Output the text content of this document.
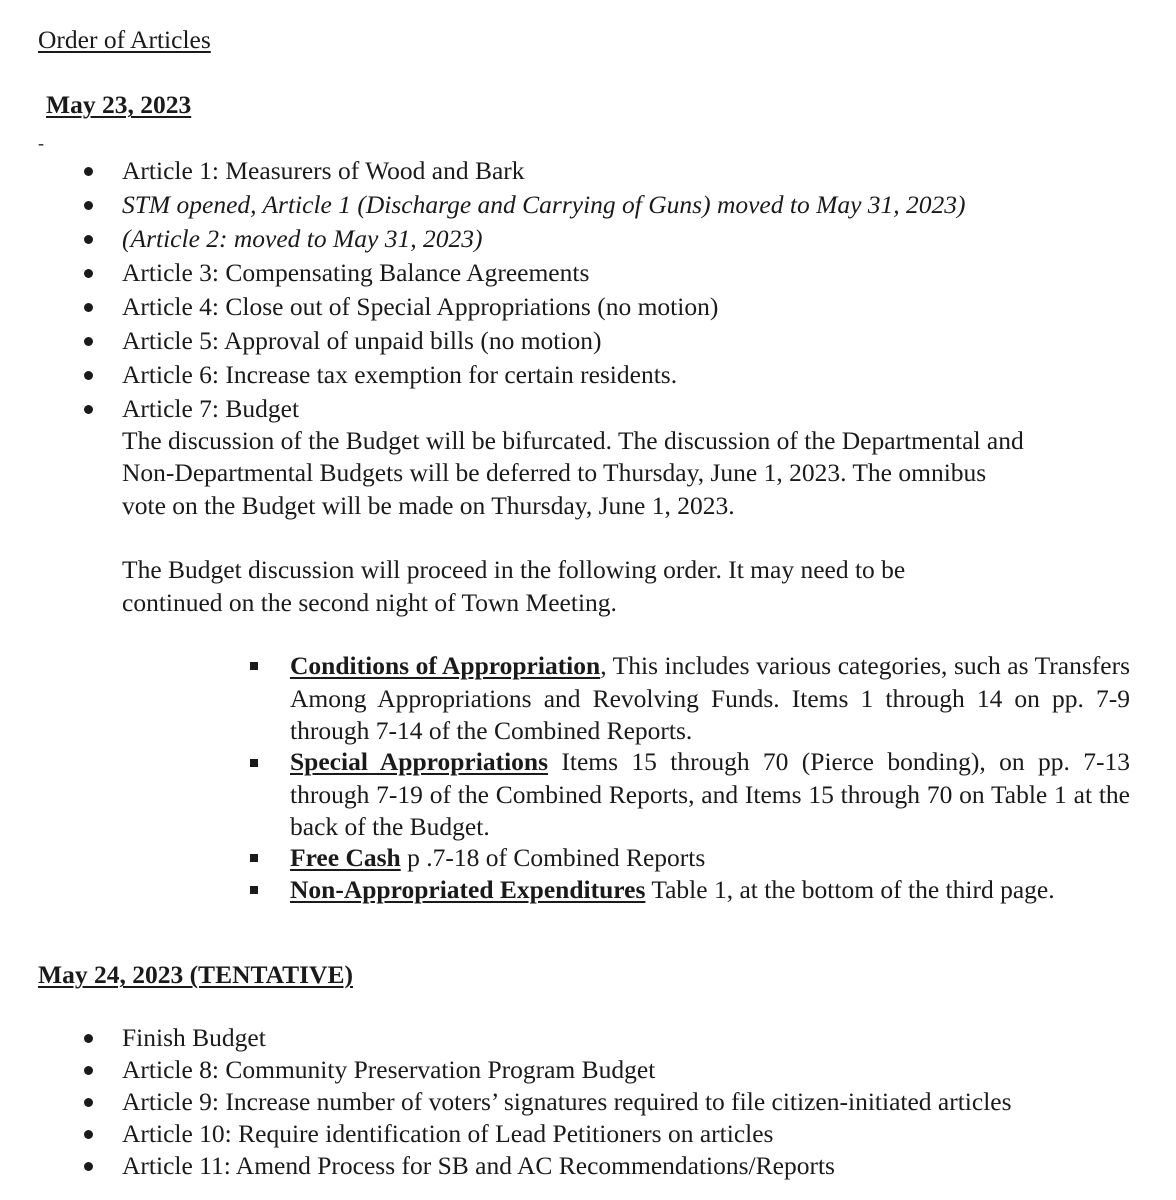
Order of Articles
May 23, 2023
-
Article 1: Measurers of Wood and Bark
STM opened, Article 1 (Discharge and Carrying of Guns) moved to May 31, 2023)
(Article 2: moved to May 31, 2023)
Article 3: Compensating Balance Agreements
Article 4: Close out of Special Appropriations (no motion)
Article 5: Approval of unpaid bills (no motion)
Article 6: Increase tax exemption for certain residents.
Article 7: Budget
The discussion of the Budget will be bifurcated. The discussion of the Departmental and
Non-Departmental Budgets will be deferred to Thursday, June 1, 2023. The omnibus
vote on the Budget will be made on Thursday, June 1, 2023.
The Budget discussion will proceed in the following order. It may need to be
continued on the second night of Town Meeting.
Conditions of Appropriation, This includes various categories, such as Transfers Among Appropriations and Revolving Funds. Items 1 through 14 on pp. 7-9 through 7-14 of the Combined Reports.
Special Appropriations Items 15 through 70 (Pierce bonding), on pp. 7-13 through 7-19 of the Combined Reports, and Items 15 through 70 on Table 1 at the back of the Budget.
Free Cash p .7-18 of Combined Reports
Non-Appropriated Expenditures Table 1, at the bottom of the third page.
May 24, 2023 (TENTATIVE)
Finish Budget
Article 8: Community Preservation Program Budget
Article 9: Increase number of voters’ signatures required to file citizen-initiated articles
Article 10: Require identification of Lead Petitioners on articles
Article 11: Amend Process for SB and AC Recommendations/Reports
